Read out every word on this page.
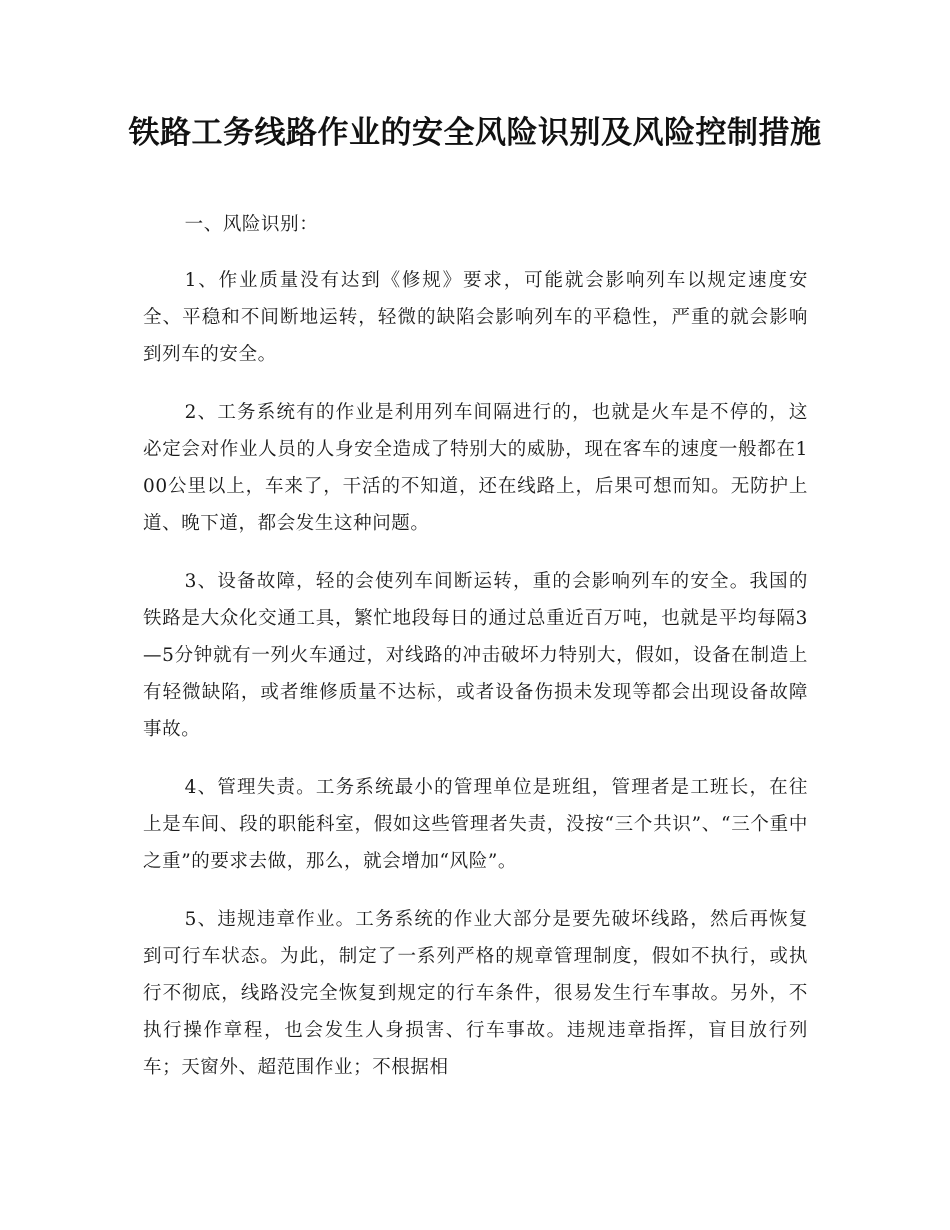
铁路工务线路作业的安全风险识别及风险控制措施

一、风险识别：

1、作业质量没有达到《修规》要求，可能就会影响列车以规定速度安全、平稳和不间断地运转，轻微的缺陷会影响列车的平稳性，严重的就会影响到列车的安全。

2、工务系统有的作业是利用列车间隔进行的，也就是火车是不停的，这必定会对作业人员的人身安全造成了特别大的威胁，现在客车的速度一般都在100公里以上，车来了，干活的不知道，还在线路上，后果可想而知。无防护上道、晚下道，都会发生这种问题。

3、设备故障，轻的会使列车间断运转，重的会影响列车的安全。我国的铁路是大众化交通工具，繁忙地段每日的通过总重近百万吨，也就是平均每隔3—5分钟就有一列火车通过，对线路的冲击破坏力特别大，假如，设备在制造上有轻微缺陷，或者维修质量不达标，或者设备伤损未发现等都会出现设备故障事故。

4、管理失责。工务系统最小的管理单位是班组，管理者是工班长，在往上是车间、段的职能科室，假如这些管理者失责，没按“三个共识”、“三个重中之重”的要求去做，那么，就会增加“风险”。

5、违规违章作业。工务系统的作业大部分是要先破坏线路，然后再恢复到可行车状态。为此，制定了一系列严格的规章管理制度，假如不执行，或执行不彻底，线路没完全恢复到规定的行车条件，很易发生行车事故。另外，不执行操作章程，也会发生人身损害、行车事故。违规违章指挥，盲目放行列车；天窗外、超范围作业；不根据相
